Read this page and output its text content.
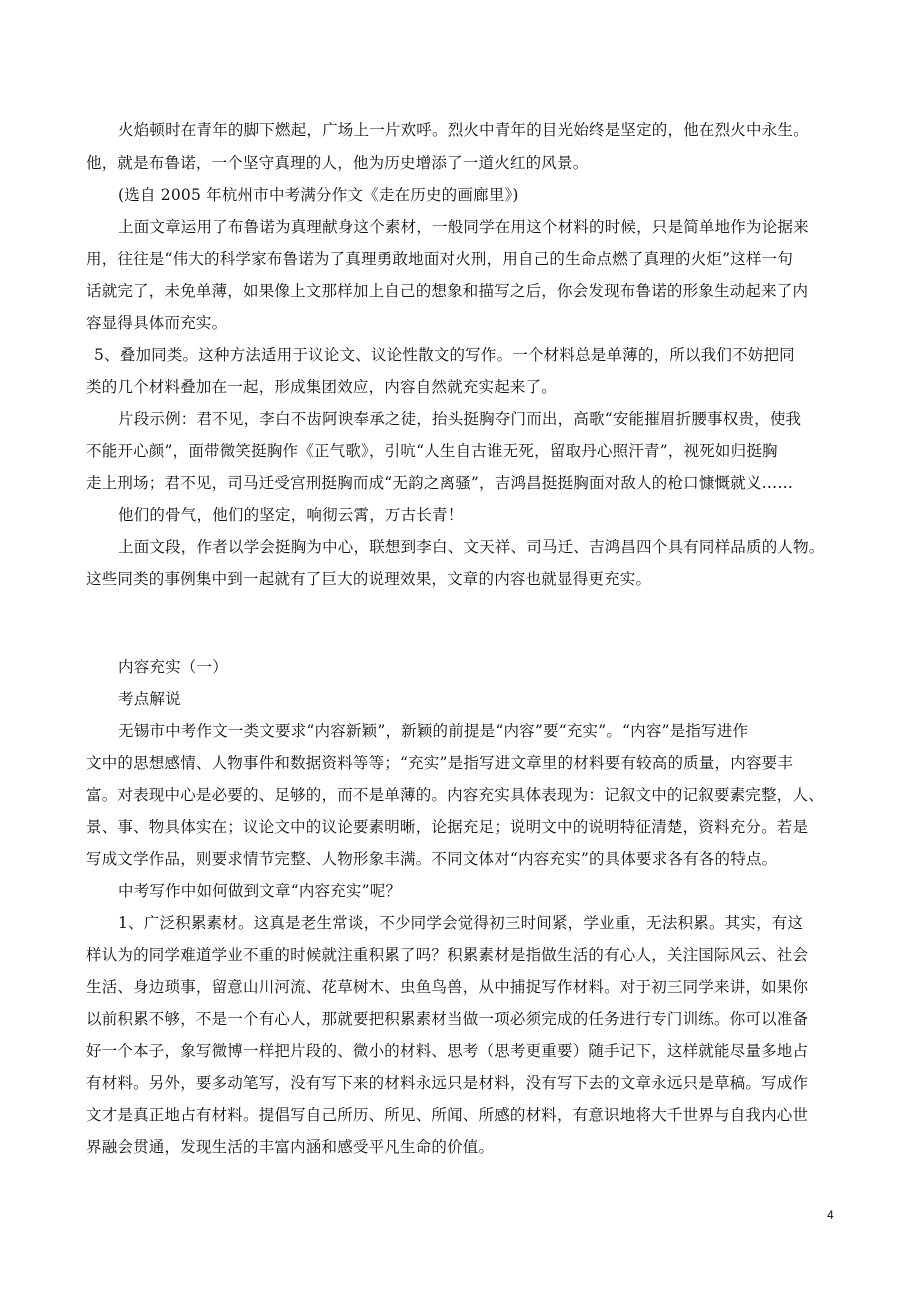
火焰顿时在青年的脚下燃起，广场上一片欢呼。烈火中青年的目光始终是坚定的，他在烈火中永生。
他，就是布鲁诺，一个坚守真理的人，他为历史增添了一道火红的风景。
(选自 2005 年杭州市中考满分作文《走在历史的画廊里》)
上面文章运用了布鲁诺为真理献身这个素材，一般同学在用这个材料的时候，只是简单地作为论据来
用，往往是“伟大的科学家布鲁诺为了真理勇敢地面对火刑，用自己的生命点燃了真理的火炬”这样一句
话就完了，未免单薄，如果像上文那样加上自己的想象和描写之后，你会发现布鲁诺的形象生动起来了内
容显得具体而充实。
5、叠加同类。这种方法适用于议论文、议论性散文的写作。一个材料总是单薄的，所以我们不妨把同
类的几个材料叠加在一起，形成集团效应，内容自然就充实起来了。
片段示例：君不见，李白不齿阿谀奉承之徒，抬头挺胸夺门而出，高歌“安能摧眉折腰事权贵，使我
不能开心颜”，面带微笑挺胸作《正气歌》，引吭“人生自古谁无死，留取丹心照汗青”，视死如归挺胸
走上刑场；君不见，司马迁受宫刑挺胸而成“无韵之离骚”，吉鸿昌挺挺胸面对敌人的枪口慷慨就义……
他们的骨气，他们的坚定，响彻云霄，万古长青！
上面文段，作者以学会挺胸为中心，联想到李白、文天祥、司马迁、吉鸿昌四个具有同样品质的人物。
这些同类的事例集中到一起就有了巨大的说理效果，文章的内容也就显得更充实。
内容充实（一）
考点解说
无锡市中考作文一类文要求“内容新颖”，新颖的前提是“内容”要“充实”。“内容”是指写进作
文中的思想感情、人物事件和数据资料等等；“充实”是指写进文章里的材料要有较高的质量，内容要丰
富。对表现中心是必要的、足够的，而不是单薄的。内容充实具体表现为：记叙文中的记叙要素完整，人、
景、事、物具体实在；议论文中的议论要素明晰，论据充足；说明文中的说明特征清楚，资料充分。若是
写成文学作品，则要求情节完整、人物形象丰满。不同文体对“内容充实”的具体要求各有各的特点。
中考写作中如何做到文章“内容充实”呢？
1、广泛积累素材。这真是老生常谈，不少同学会觉得初三时间紧，学业重，无法积累。其实，有这
样认为的同学难道学业不重的时候就注重积累了吗？积累素材是指做生活的有心人，关注国际风云、社会
生活、身边琐事，留意山川河流、花草树木、虫鱼鸟兽，从中捕捉写作材料。对于初三同学来讲，如果你
以前积累不够，不是一个有心人，那就要把积累素材当做一项必须完成的任务进行专门训练。你可以准备
好一个本子，象写微博一样把片段的、微小的材料、思考（思考更重要）随手记下，这样就能尽量多地占
有材料。另外，要多动笔写，没有写下来的材料永远只是材料，没有写下去的文章永远只是草稿。写成作
文才是真正地占有材料。提倡写自己所历、所见、所闻、所感的材料，有意识地将大千世界与自我内心世
界融会贯通，发现生活的丰富内涵和感受平凡生命的价值。
4
